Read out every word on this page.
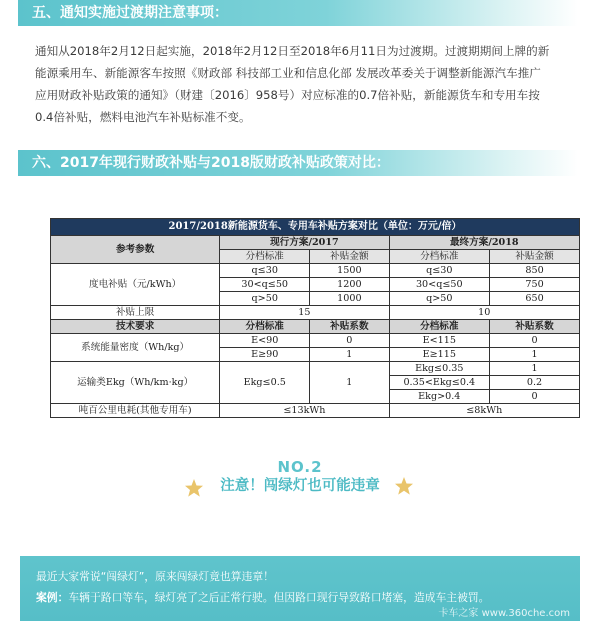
五、通知实施过渡期注意事项：
通知从2018年2月12日起实施，2018年2月12日至2018年6月11日为过渡期。过渡期期间上牌的新
能源乘用车、新能源客车按照《财政部 科技部工业和信息化部 发展改革委关于调整新能源汽车推广
应用财政补贴政策的通知》（财建〔2016〕958号）对应标准的0.7倍补贴，新能源货车和专用车按
0.4倍补贴，燃料电池汽车补贴标准不变。
六、2017年现行财政补贴与2018版财政补贴政策对比：
2017/2018新能源货车、专用车补贴方案对比（单位：万元/倍）				
参考参数	现行方案/2017		最终方案/2018	
	分档标准	补贴金额	分档标准	补贴金额
度电补贴（元/kWh）	q≤30	1500	q≤30	850
	30<q≤50	1200	30<q≤50	750
	q>50	1000	q>50	650
补贴上限	15		10	
技术要求	分档标准	补贴系数	分档标准	补贴系数
系统能量密度（Wh/kg）	E<90	0	E<115	0
	E≥90	1	E≥115	1
运输类Ekg（Wh/km·kg）	Ekg≤0.5	1	Ekg≤0.35	1
			0.35<Ekg≤0.4	0.2
			Ekg>0.4	0
吨百公里电耗(其他专用车)	≤13kWh		≤8kWh	
NO.2
注意！闯绿灯也可能违章
最近大家常说“闯绿灯”，原来闯绿灯竟也算违章！
案例：车辆于路口等车，绿灯亮了之后正常行驶。但因路口现行导致路口堵塞，造成车主被罚。
卡车之家 www.360che.com
